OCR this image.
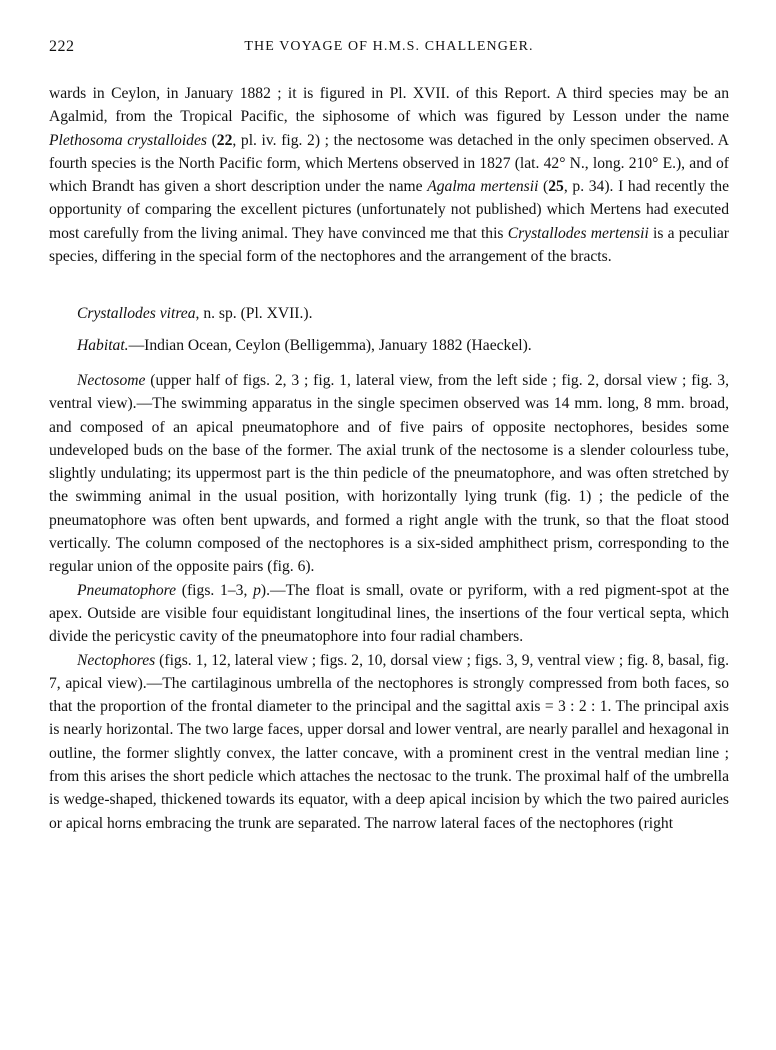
222	THE VOYAGE OF H.M.S. CHALLENGER.

wards in Ceylon, in January 1882 ; it is figured in Pl. XVII. of this Report. A third species may be an Agalmid, from the Tropical Pacific, the siphosome of which was figured by Lesson under the name Plethosoma crystalloides (22, pl. iv. fig. 2) ; the nectosome was detached in the only specimen observed. A fourth species is the North Pacific form, which Mertens observed in 1827 (lat. 42° N., long. 210° E.), and of which Brandt has given a short description under the name Agalma mertensii (25, p. 34). I had recently the opportunity of comparing the excellent pictures (unfortunately not published) which Mertens had executed most carefully from the living animal. They have convinced me that this Crystallodes mertensii is a peculiar species, differing in the special form of the nectophores and the arrangement of the bracts.

Crystallodes vitrea, n. sp. (Pl. XVII.).

Habitat.—Indian Ocean, Ceylon (Belligemma), January 1882 (Haeckel).

Nectosome (upper half of figs. 2, 3 ; fig. 1, lateral view, from the left side ; fig. 2, dorsal view ; fig. 3, ventral view).—The swimming apparatus in the single specimen observed was 14 mm. long, 8 mm. broad, and composed of an apical pneumatophore and of five pairs of opposite nectophores, besides some undeveloped buds on the base of the former. The axial trunk of the nectosome is a slender colourless tube, slightly undulating; its uppermost part is the thin pedicle of the pneumatophore, and was often stretched by the swimming animal in the usual position, with horizontally lying trunk (fig. 1) ; the pedicle of the pneumatophore was often bent upwards, and formed a right angle with the trunk, so that the float stood vertically. The column composed of the nectophores is a six-sided amphithect prism, corresponding to the regular union of the opposite pairs (fig. 6).

Pneumatophore (figs. 1–3, p).—The float is small, ovate or pyriform, with a red pigment-spot at the apex. Outside are visible four equidistant longitudinal lines, the insertions of the four vertical septa, which divide the pericystic cavity of the pneumatophore into four radial chambers.

Nectophores (figs. 1, 12, lateral view ; figs. 2, 10, dorsal view ; figs. 3, 9, ventral view ; fig. 8, basal, fig. 7, apical view).—The cartilaginous umbrella of the nectophores is strongly compressed from both faces, so that the proportion of the frontal diameter to the principal and the sagittal axis = 3 : 2 : 1. The principal axis is nearly horizontal. The two large faces, upper dorsal and lower ventral, are nearly parallel and hexagonal in outline, the former slightly convex, the latter concave, with a prominent crest in the ventral median line ; from this arises the short pedicle which attaches the nectosac to the trunk. The proximal half of the umbrella is wedge-shaped, thickened towards its equator, with a deep apical incision by which the two paired auricles or apical horns embracing the trunk are separated. The narrow lateral faces of the nectophores (right
